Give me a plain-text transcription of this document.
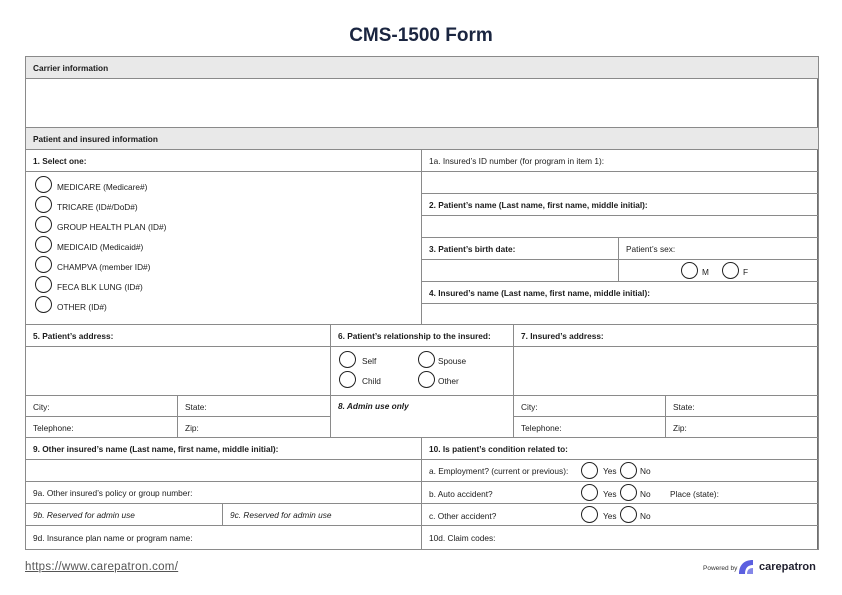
CMS-1500 Form
Carrier information
Patient and insured information
1. Select one:
MEDICARE (Medicare#)
TRICARE (ID#/DoD#)
GROUP HEALTH PLAN (ID#)
MEDICAID (Medicaid#)
CHAMPVA (member ID#)
FECA BLK LUNG (ID#)
OTHER (ID#)
1a. Insured’s ID number (for program in item 1):
2. Patient’s name (Last name, first name, middle initial):
3. Patient’s birth date:	Patient’s sex:
M	F
4. Insured’s name (Last name, first name, middle initial):
5. Patient’s address:	6. Patient’s relationship to the insured:	7. Insured’s address:
Self	Spouse
Child	Other
City:	State:	8. Admin use only	City:	State:
Telephone:	Zip:	Telephone:	Zip:
9. Other insured’s name (Last name, first name, middle initial):
9a. Other insured’s policy or group number:
9b. Reserved for admin use	9c. Reserved for admin use
9d. Insurance plan name or program name:
10. Is patient’s condition related to:
a. Employment? (current or previous):	Yes	No
b. Auto accident?	Yes	No Place (state):
c. Other accident?	Yes	No
10d. Claim codes:
https://www.carepatron.com/	Powered by carepatron
